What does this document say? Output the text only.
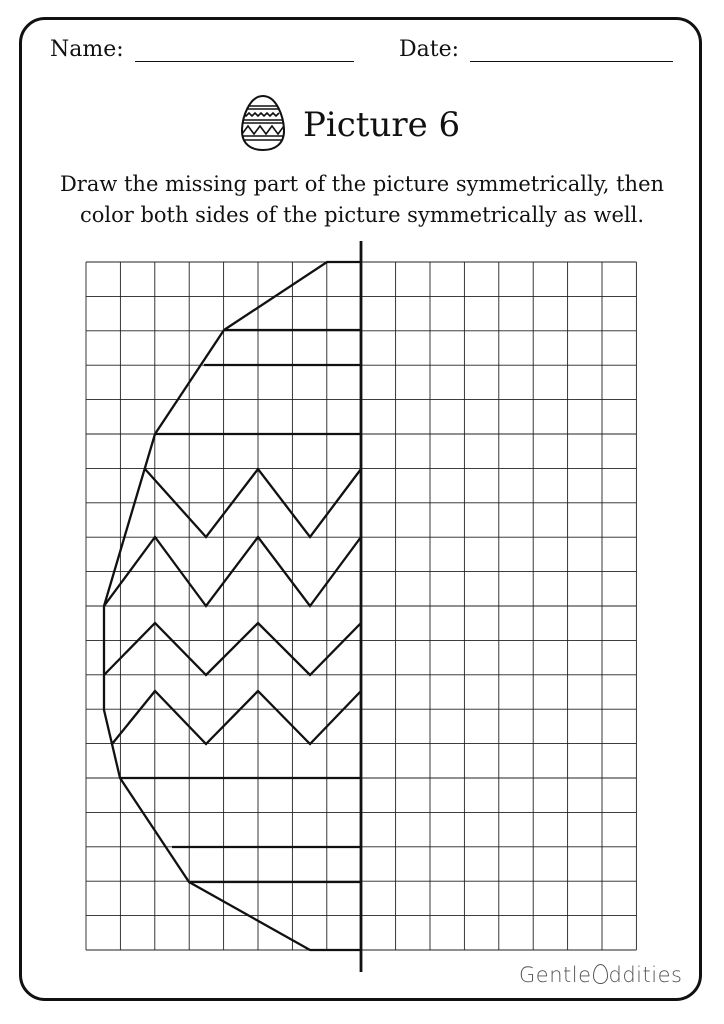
Name:	Date:
Picture 6
Draw the missing part of the picture symmetrically, then
color both sides of the picture symmetrically as well.
Gentle ddities
